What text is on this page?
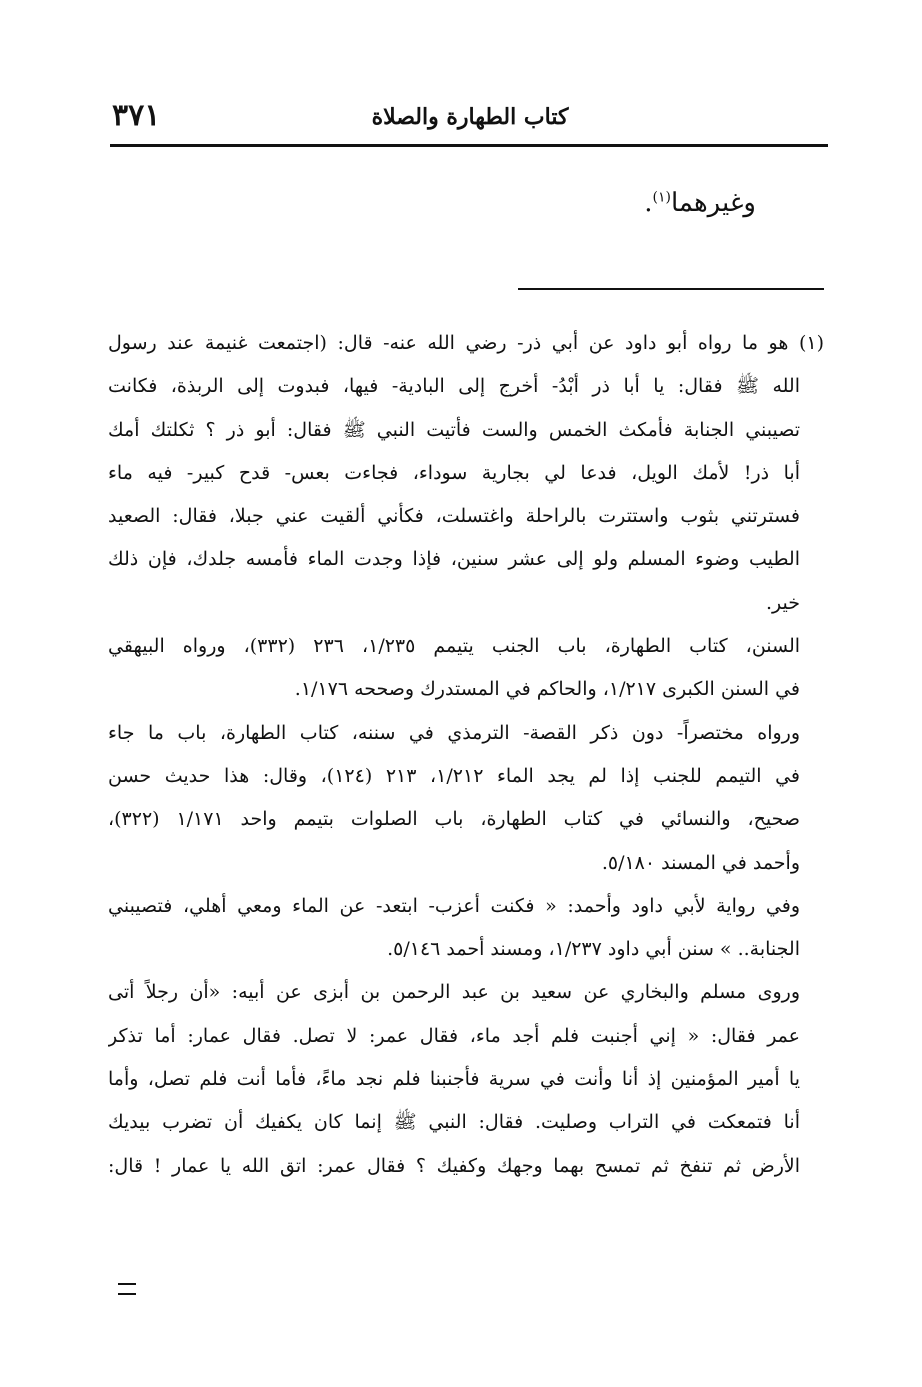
كتاب الطهارة والصلاة
٣٧١
وغيرهما$^{(١)}$.
(١) هو ما رواه أبو داود عن أبي ذر- رضي الله عنه- قال: (اجتمعت غنيمة عند رسول
الله ﷺ فقال: يا أبا ذر أبْدُ- أخرج إلى البادية- فيها، فبدوت إلى الربذة، فكانت
تصيبني الجنابة فأمكث الخمس والست فأتيت النبي ﷺ فقال: أبو ذر ؟ ثكلتك أمك
أبا ذر! لأمك الويل، فدعا لي بجارية سوداء، فجاءت بعس- قدح كبير- فيه ماء
فسترتني بثوب واستترت بالراحلة واغتسلت، فكأني ألقيت عني جبلا، فقال: الصعيد
الطيب وضوء المسلم ولو إلى عشر سنين، فإذا وجدت الماء فأمسه جلدك، فإن ذلك
خير.
السنن، كتاب الطهارة، باب الجنب يتيمم ١/٢٣٥، ٢٣٦ (٣٣٢)، ورواه البيهقي
في السنن الكبرى ١/٢١٧، والحاكم في المستدرك وصححه ١/١٧٦.
ورواه مختصراً- دون ذكر القصة- الترمذي في سننه، كتاب الطهارة، باب ما جاء
في التيمم للجنب إذا لم يجد الماء ١/٢١٢، ٢١٣ (١٢٤)، وقال: هذا حديث حسن
صحيح، والنسائي في كتاب الطهارة، باب الصلوات بتيمم واحد ١/١٧١ (٣٢٢)،
وأحمد في المسند ٥/١٨٠.
وفي رواية لأبي داود وأحمد: « فكنت أعزب- ابتعد- عن الماء ومعي أهلي، فتصيبني
الجنابة.. » سنن أبي داود ١/٢٣٧، ومسند أحمد ٥/١٤٦.
وروى مسلم والبخاري عن سعيد بن عبد الرحمن بن أبزى عن أبيه: «أن رجلاً أتى
عمر فقال: « إني أجنبت فلم أجد ماء، فقال عمر: لا تصل. فقال عمار: أما تذكر
يا أمير المؤمنين إذ أنا وأنت في سرية فأجنبنا فلم نجد ماءً، فأما أنت فلم تصل، وأما
أنا فتمعكت في التراب وصليت. فقال: النبي ﷺ إنما كان يكفيك أن تضرب بيديك
الأرض ثم تنفخ ثم تمسح بهما وجهك وكفيك ؟ فقال عمر: اتق الله يا عمار ! قال:
